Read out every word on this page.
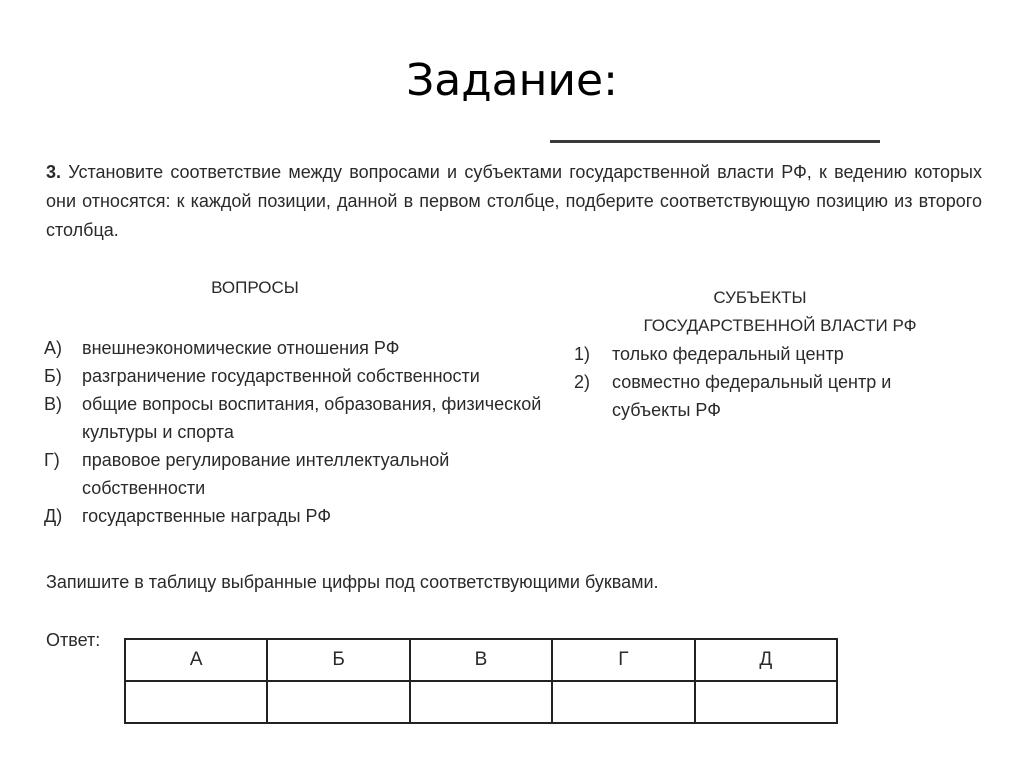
Задание:
3. Установите соответствие между вопросами и субъектами государственной власти РФ, к ведению которых они относятся: к каждой позиции, данной в первом столбце, подберите соответствующую позицию из второго столбца.
ВОПРОСЫ
СУБЪЕКТЫ
ГОСУДАРСТВЕННОЙ ВЛАСТИ РФ
А)	внешнеэкономические отношения РФ
Б)	разграничение государственной собственности
В)	общие вопросы воспитания, образования, физической культуры и спорта
Г)	правовое регулирование интеллектуальной собственности
Д)	государственные награды РФ
1)	только федеральный центр
2)	совместно федеральный центр и субъекты РФ
Запишите в таблицу выбранные цифры под соответствующими буквами.
Ответ:
А	Б	В	Г	Д
